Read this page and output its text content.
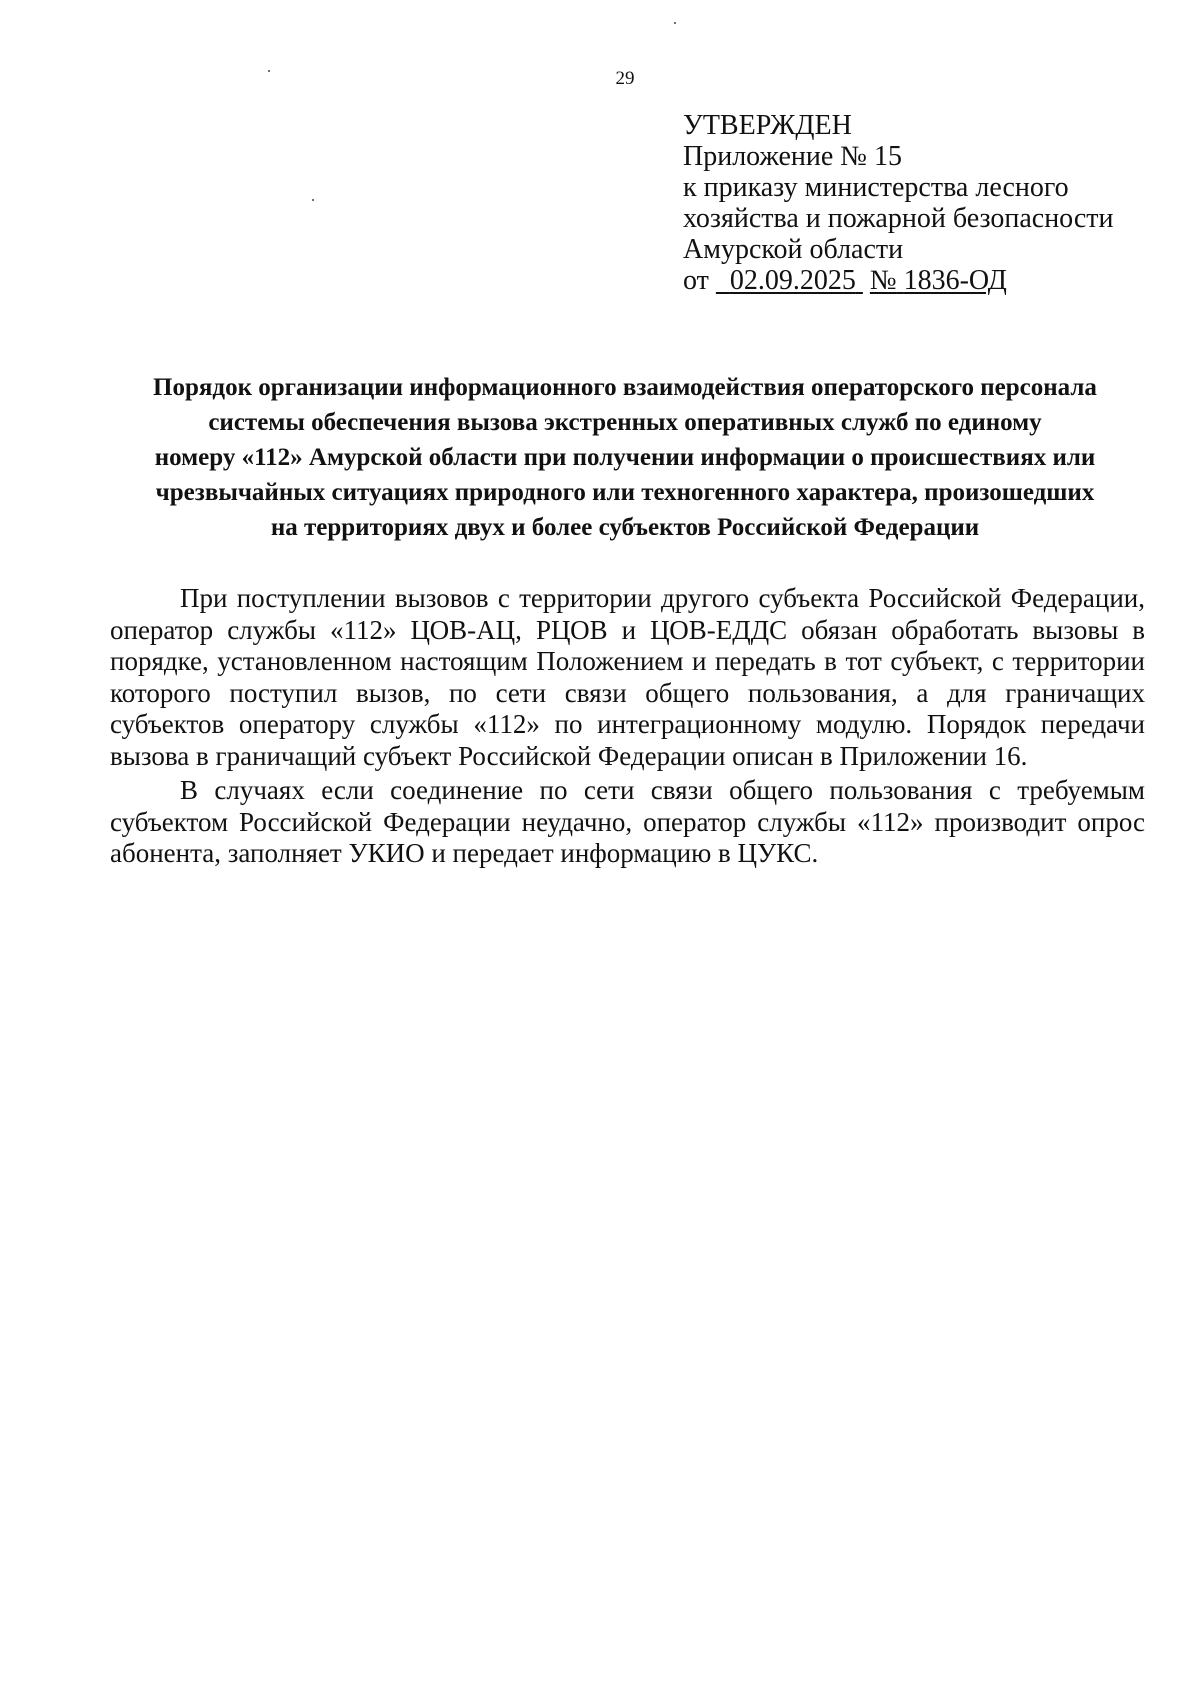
29
УТВЕРЖДЕН
Приложение № 15
к приказу министерства лесного
хозяйства и пожарной безопасности
Амурской области
от 02.09.2025 № 1836-ОД
Порядок организации информационного взаимодействия операторского персонала
системы обеспечения вызова экстренных оперативных служб по единому
номеру «112» Амурской области при получении информации о происшествиях или
чрезвычайных ситуациях природного или техногенного характера, произошедших
на территориях двух и более субъектов Российской Федерации

При поступлении вызовов с территории другого субъекта Российской Федерации, оператор службы «112» ЦОВ-АЦ, РЦОВ и ЦОВ-ЕДДС обязан обработать вызовы в порядке, установленном настоящим Положением и передать в тот субъект, с территории которого поступил вызов, по сети связи общего пользования, а для граничащих субъектов оператору службы «112» по интеграционному модулю. Порядок передачи вызова в граничащий субъект Российской Федерации описан в Приложении 16.

В случаях если соединение по сети связи общего пользования с требуемым субъектом Российской Федерации неудачно, оператор службы «112» производит опрос абонента, заполняет УКИО и передает информацию в ЦУКС.
